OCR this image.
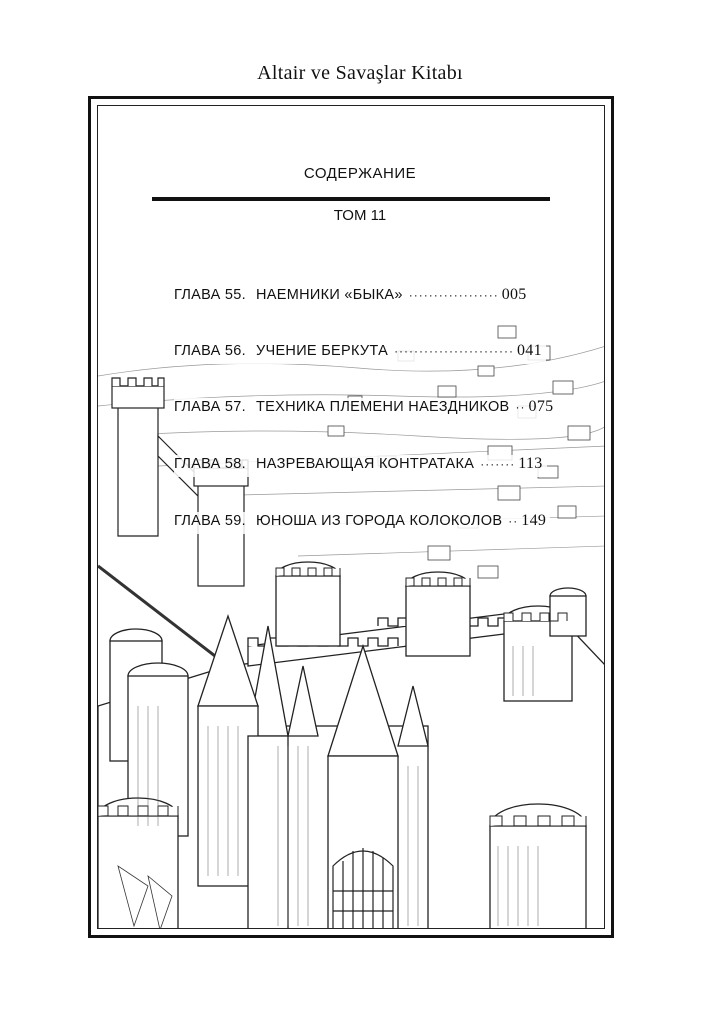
Altair ve Savaşlar Kitabı
СОДЕРЖАНИЕ
ТОМ 11
ГЛАВА 55. НАЕМНИКИ «БЫКА» ·················· 005
ГЛАВА 56. УЧЕНИЕ БЕРКУТА ························ 041
ГЛАВА 57. ТЕХНИКА ПЛЕМЕНИ НАЕЗДНИКОВ ·· 075
ГЛАВА 58. НАЗРЕВАЮЩАЯ КОНТРАТАКА ······· 113
ГЛАВА 59. ЮНОША ИЗ ГОРОДА КОЛОКОЛОВ ·· 149
